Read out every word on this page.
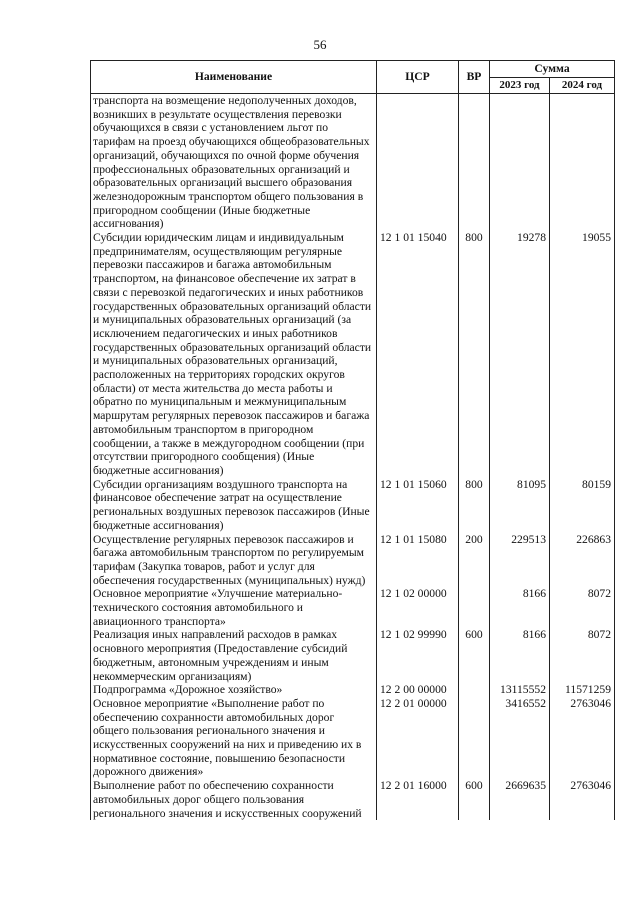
56
Наименование	ЦСР	ВР	Сумма	
			2023 год	2024 год
транспорта на возмещение недополученных доходов, возникших в результате осуществления перевозки обучающихся в связи с установлением льгот по тарифам на проезд обучающихся общеобразовательных организаций, обучающихся по очной форме обучения профессиональных образовательных организаций и образовательных организаций высшего образования железнодорожным транспортом общего пользования в пригородном сообщении (Иные бюджетные ассигнования)				
Субсидии юридическим лицам и индивидуальным предпринимателям, осуществляющим регулярные перевозки пассажиров и багажа автомобильным транспортом, на финансовое обеспечение их затрат в связи с перевозкой педагогических и иных работников государственных образовательных организаций области и муниципальных образовательных организаций (за исключением педагогических и иных работников государственных образовательных организаций области и муниципальных образовательных организаций, расположенных на территориях городских округов области) от места жительства до места работы и обратно по муниципальным и межмуниципальным маршрутам регулярных перевозок пассажиров и багажа автомобильным транспортом в пригородном сообщении, а также в междугородном сообщении (при отсутствии пригородного сообщения) (Иные бюджетные ассигнования)	12 1 01 15040	800	19278	19055
Субсидии организациям воздушного транспорта на финансовое обеспечение затрат на осуществление региональных воздушных перевозок пассажиров (Иные бюджетные ассигнования)	12 1 01 15060	800	81095	80159
Осуществление регулярных перевозок пассажиров и багажа автомобильным транспортом по регулируемым тарифам (Закупка товаров, работ и услуг для обеспечения государственных (муниципальных) нужд)	12 1 01 15080	200	229513	226863
Основное мероприятие «Улучшение материально-технического состояния автомобильного и авиационного транспорта»	12 1 02 00000		8166	8072
Реализация иных направлений расходов в рамках основного мероприятия (Предоставление субсидий бюджетным, автономным учреждениям и иным некоммерческим организациям)	12 1 02 99990	600	8166	8072
Подпрограмма «Дорожное хозяйство»	12 2 00 00000		13115552	11571259
Основное мероприятие «Выполнение работ по обеспечению сохранности автомобильных дорог общего пользования регионального значения и искусственных сооружений на них и приведению их в нормативное состояние, повышению безопасности дорожного движения»	12 2 01 00000		3416552	2763046
Выполнение работ по обеспечению сохранности автомобильных дорог общего пользования регионального значения и искусственных сооружений	12 2 01 16000	600	2669635	2763046
